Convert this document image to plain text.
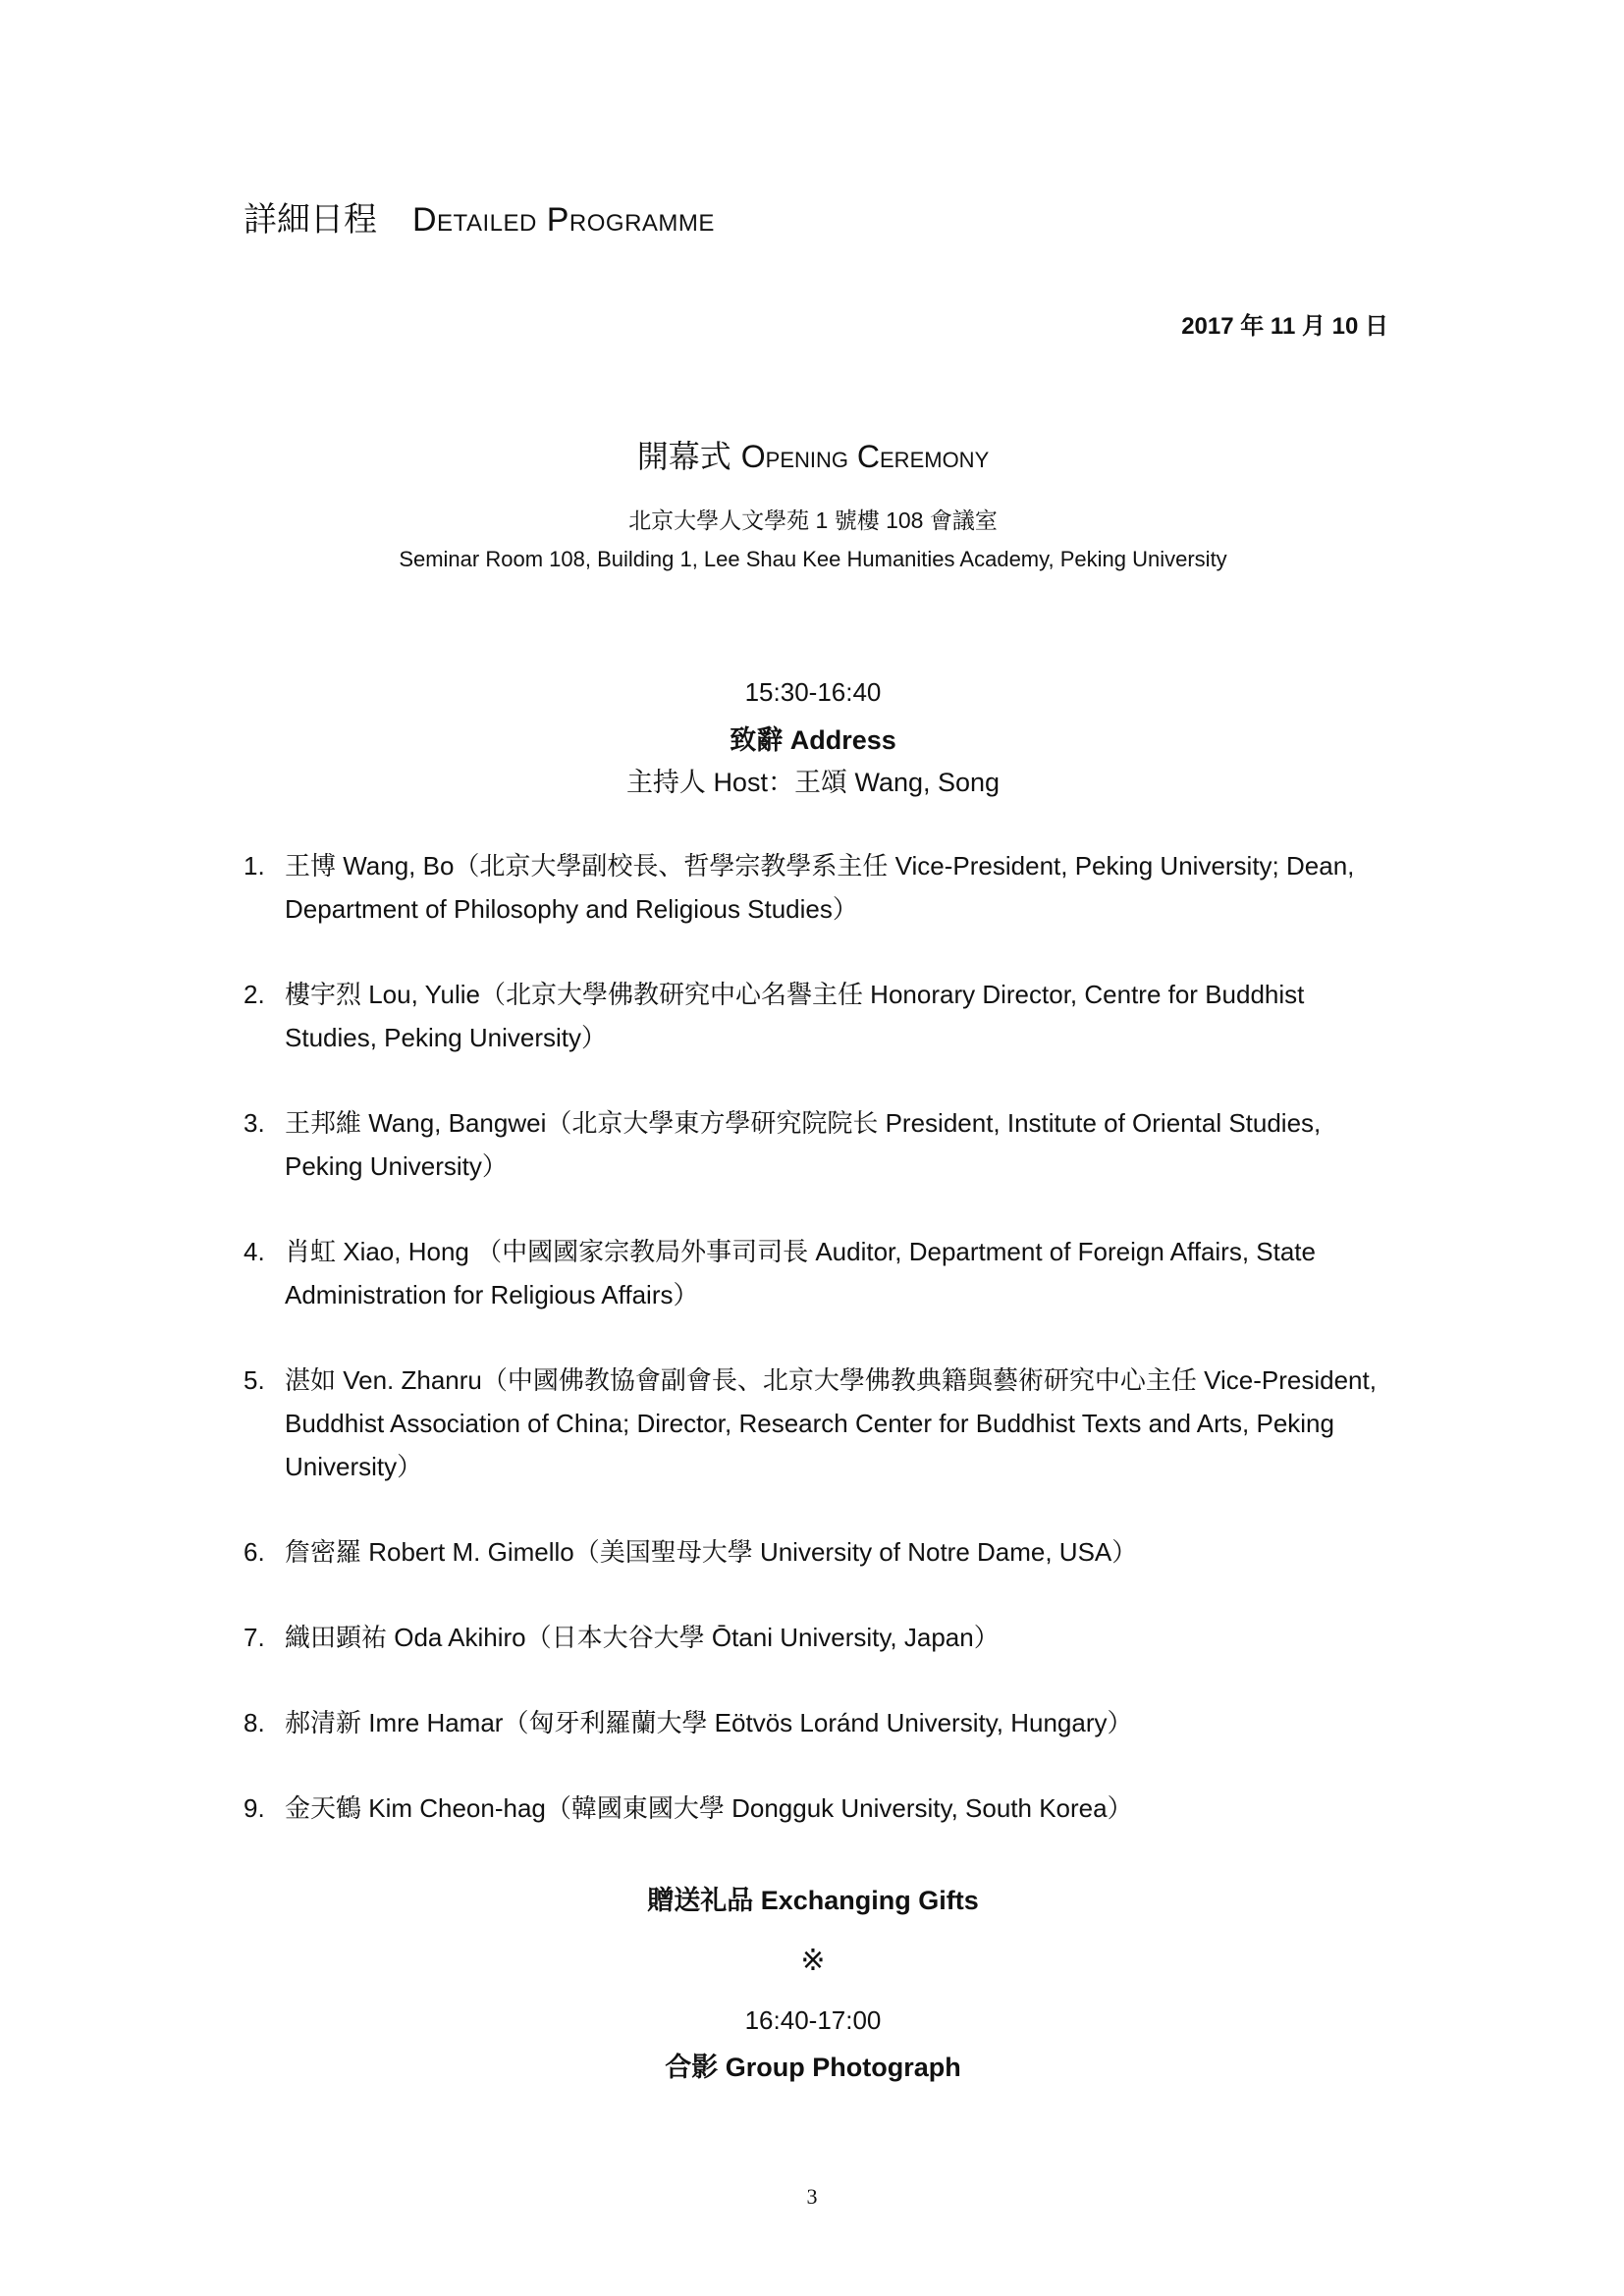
詳細日程 Detailed Programme
2017 年 11 月 10 日
開幕式 Opening Ceremony
北京大學人文學苑 1 號樓 108 會議室
Seminar Room 108, Building 1, Lee Shau Kee Humanities Academy, Peking University
15:30-16:40
致辭 Address
主持人 Host：王頌 Wang, Song
1. 王博 Wang, Bo（北京大學副校長、哲學宗教學系主任 Vice-President, Peking University; Dean, Department of Philosophy and Religious Studies）
2. 樓宇烈 Lou, Yulie（北京大學佛教研究中心名譽主任 Honorary Director, Centre for Buddhist Studies, Peking University）
3. 王邦維 Wang, Bangwei（北京大學東方學研究院院长 President, Institute of Oriental Studies, Peking University）
4. 肖虹 Xiao, Hong （中國國家宗教局外事司司長 Auditor, Department of Foreign Affairs, State Administration for Religious Affairs）
5. 湛如 Ven. Zhanru（中國佛教協會副會長、北京大學佛教典籍與藝術研究中心主任 Vice-President, Buddhist Association of China; Director, Research Center for Buddhist Texts and Arts, Peking University）
6. 詹密羅 Robert M. Gimello（美国聖母大學 University of Notre Dame, USA）
7. 織田顕祐 Oda Akihiro（日本大谷大學 Ōtani University, Japan）
8. 郝清新 Imre Hamar（匈牙利羅蘭大學 Eötvös Loránd University, Hungary）
9. 金天鶴 Kim Cheon-hag（韓國東國大學 Dongguk University, South Korea）
贈送礼品 Exchanging Gifts
※
16:40-17:00
合影 Group Photograph
3
